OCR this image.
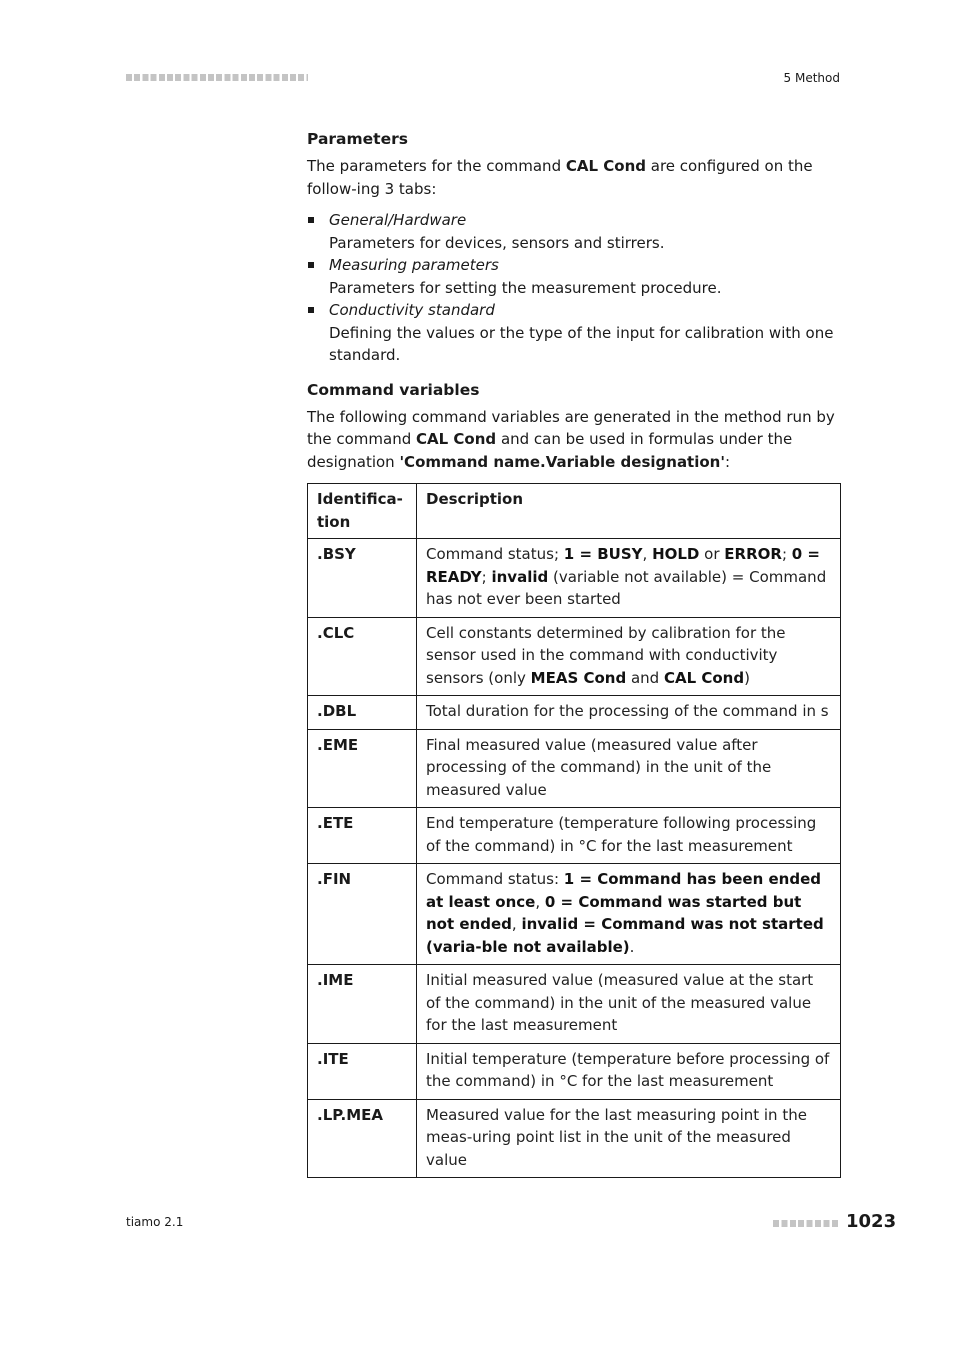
5 Method
Parameters

The parameters for the command CAL Cond are configured on the follow-ing 3 tabs:

General/Hardware
Parameters for devices, sensors and stirrers.
Measuring parameters
Parameters for setting the measurement procedure.
Conductivity standard
Defining the values or the type of the input for calibration with one standard.
Command variables

The following command variables are generated in the method run by the command CAL Cond and can be used in formulas under the designation 'Command name.Variable designation':

Identifica-tion	Description
.BSY	Command status; 1 = BUSY, HOLD or ERROR; 0 = READY; invalid (variable not available) = Command has not ever been started
.CLC	Cell constants determined by calibration for the sensor used in the command with conductivity sensors (only MEAS Cond and CAL Cond)
.DBL	Total duration for the processing of the command in s
.EME	Final measured value (measured value after processing of the command) in the unit of the measured value
.ETE	End temperature (temperature following processing of the command) in °C for the last measurement
.FIN	Command status: 1 = Command has been ended at least once, 0 = Command was started but not ended, invalid = Command was not started (varia-ble not available).
.IME	Initial measured value (measured value at the start of the command) in the unit of the measured value for the last measurement
.ITE	Initial temperature (temperature before processing of the command) in °C for the last measurement
.LP.MEA	Measured value for the last measuring point in the meas-uring point list in the unit of the measured value
tiamo 2.1	1023
